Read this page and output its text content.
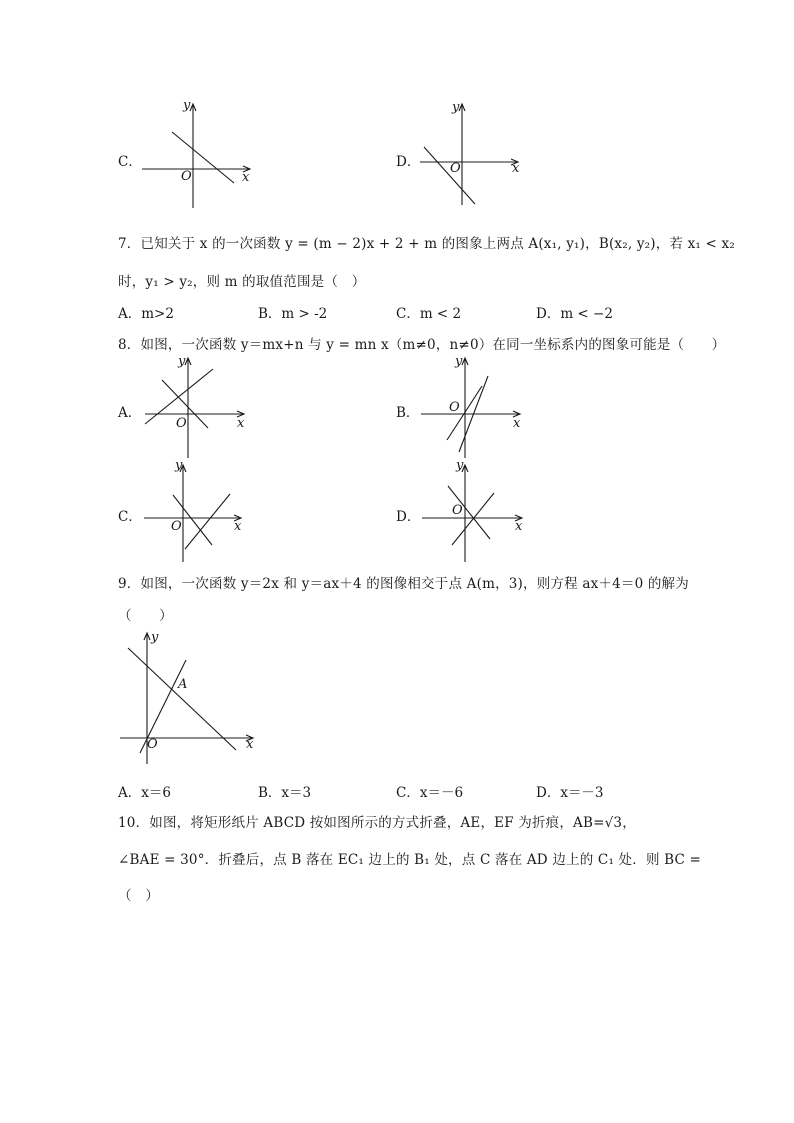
C．
y
x
O
D．
y
x
O
7．已知关于 x 的一次函数 y = (m − 2)x + 2 + m 的图象上两点 A(x₁, y₁)，B(x₂, y₂)，若 x₁ < x₂
时，y₁ > y₂，则 m 的取值范围是（　）
A．m>2	B．m > -2	C．m < 2	D．m < −2
8．如图，一次函数 y＝mx+n 与 y = mn x（m≠0，n≠0）在同一坐标系内的图象可能是（　　）
A．
y
x
O
B．
y
x
O
C．
y
x
O
D．
y
x
O
9．如图，一次函数 y＝2x 和 y＝ax＋4 的图像相交于点 A(m，3)，则方程 ax＋4＝0 的解为
（　　）
y
x
O
A
A．x＝6	B．x＝3	C．x＝－6	D．x＝－3
10．如图，将矩形纸片 ABCD 按如图所示的方式折叠，AE，EF 为折痕，AB=√3，
∠BAE = 30°．折叠后，点 B 落在 EC₁ 边上的 B₁ 处，点 C 落在 AD 边上的 C₁ 处．则 BC =
（　）
